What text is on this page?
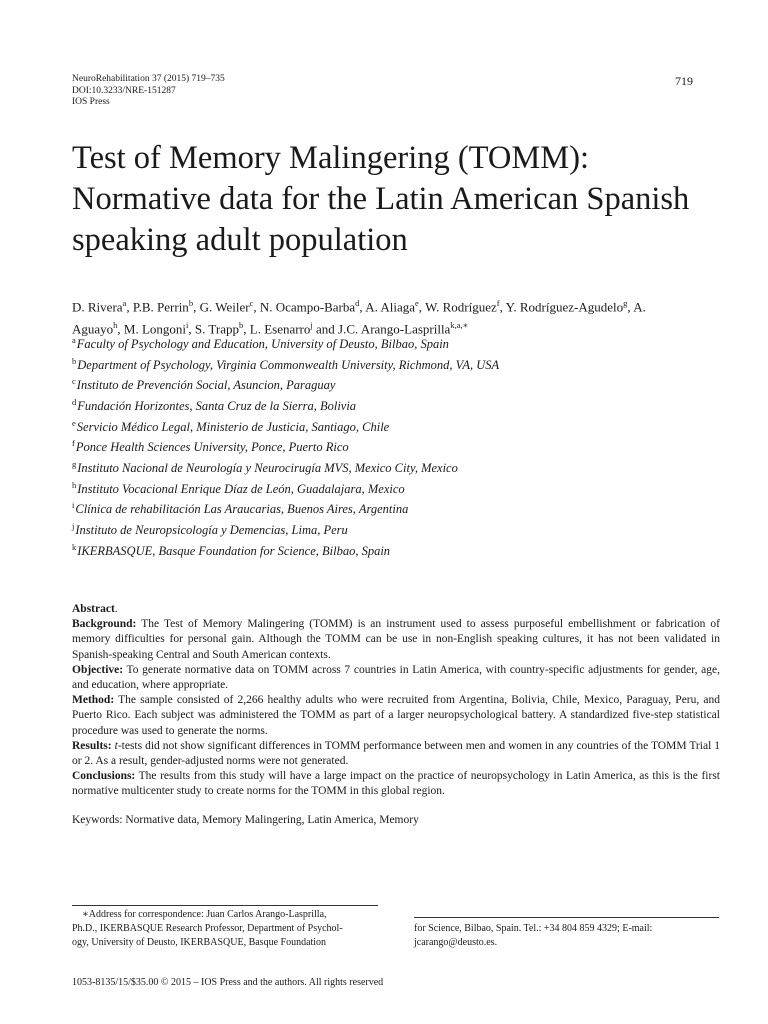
NeuroRehabilitation 37 (2015) 719–735
DOI:10.3233/NRE-151287
IOS Press
719
Test of Memory Malingering (TOMM): Normative data for the Latin American Spanish speaking adult population
D. Rivera$^a$, P.B. Perrin$^b$, G. Weiler$^c$, N. Ocampo-Barba$^d$, A. Aliaga$^e$, W. Rodríguez$^f$, Y. Rodríguez-Agudelo$^g$, A. Aguayo$^h$, M. Longoni$^i$, S. Trapp$^b$, L. Esenarro$^j$ and J.C. Arango-Lasprilla$^{k,a,∗}$
$^a$Faculty of Psychology and Education, University of Deusto, Bilbao, Spain
$^b$Department of Psychology, Virginia Commonwealth University, Richmond, VA, USA
$^c$Instituto de Prevención Social, Asuncion, Paraguay
$^d$Fundación Horizontes, Santa Cruz de la Sierra, Bolivia
$^e$Servicio Médico Legal, Ministerio de Justicia, Santiago, Chile
$^f$Ponce Health Sciences University, Ponce, Puerto Rico
$^g$Instituto Nacional de Neurología y Neurocirugía MVS, Mexico City, Mexico
$^h$Instituto Vocacional Enrique Díaz de León, Guadalajara, Mexico
$^i$Clínica de rehabilitación Las Araucarias, Buenos Aires, Argentina
$^j$Instituto de Neuropsicología y Demencias, Lima, Peru
$^k$IKERBASQUE, Basque Foundation for Science, Bilbao, Spain

Abstract.

Background: The Test of Memory Malingering (TOMM) is an instrument used to assess purposeful embellishment or fabrication of memory difficulties for personal gain. Although the TOMM can be use in non-English speaking cultures, it has not been validated in Spanish-speaking Central and South American contexts.

Objective: To generate normative data on TOMM across 7 countries in Latin America, with country-specific adjustments for gender, age, and education, where appropriate.

Method: The sample consisted of 2,266 healthy adults who were recruited from Argentina, Bolivia, Chile, Mexico, Paraguay, Peru, and Puerto Rico. Each subject was administered the TOMM as part of a larger neuropsychological battery. A standardized five-step statistical procedure was used to generate the norms.

Results: t-tests did not show significant differences in TOMM performance between men and women in any countries of the TOMM Trial 1 or 2. As a result, gender-adjusted norms were not generated.

Conclusions: The results from this study will have a large impact on the practice of neuropsychology in Latin America, as this is the first normative multicenter study to create norms for the TOMM in this global region.

Keywords: Normative data, Memory Malingering, Latin America, Memory
∗Address for correspondence: Juan Carlos Arango-Lasprilla,
Ph.D., IKERBASQUE Research Professor, Department of Psychol-
ogy, University of Deusto, IKERBASQUE, Basque Foundation
for Science, Bilbao, Spain. Tel.: +34 804 859 4329; E-mail:
jcarango@deusto.es.
1053-8135/15/$35.00 © 2015 – IOS Press and the authors. All rights reserved
